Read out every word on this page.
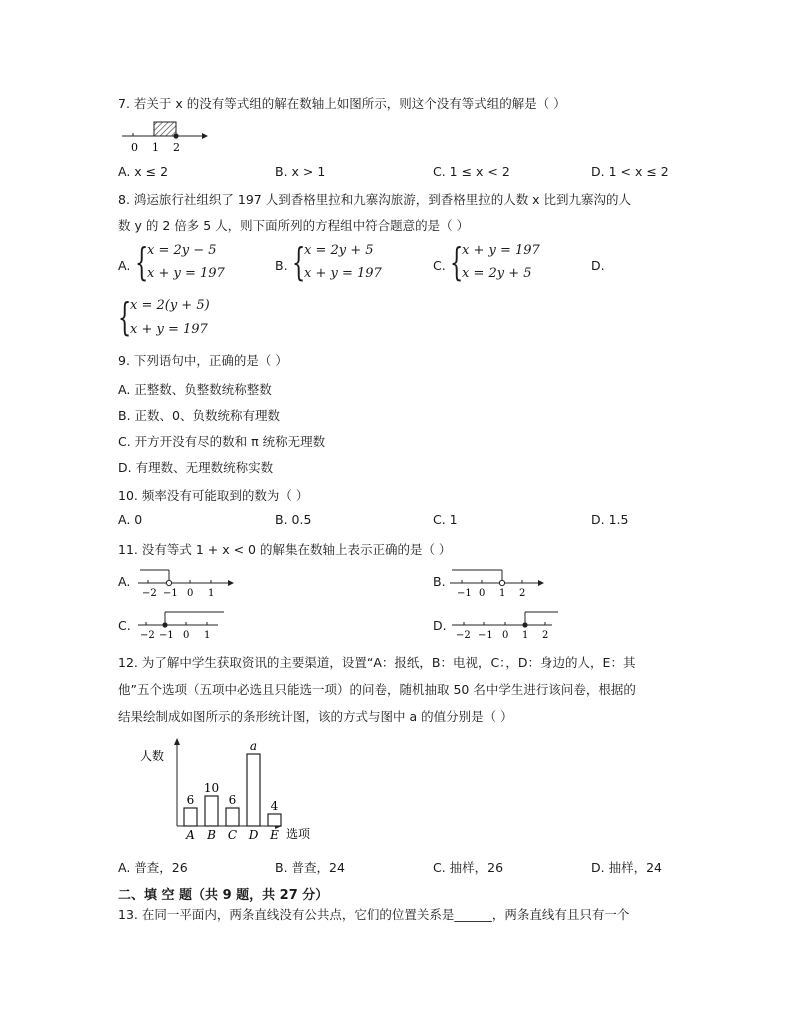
7. 若关于 x 的没有等式组的解在数轴上如图所示，则这个没有等式组的解是（ ）
0 1 2
A. x ≤ 2	B. x > 1	C. 1 ≤ x < 2	D. 1 < x ≤ 2
8. 鸿运旅行社组织了 197 人到香格里拉和九寨沟旅游，到香格里拉的人数 x 比到九寨沟的人
数 y 的 2 倍多 5 人，则下面所列的方程组中符合题意的是（ ）
A. {
x = 2y − 5
x + y = 197
B. {
x = 2y + 5
x + y = 197
C. {
x + y = 197
x = 2y + 5
D.
{
x = 2(y + 5)
x + y = 197
9. 下列语句中，正确的是（ ）
A. 正整数、负整数统称整数
B. 正数、0、负数统称有理数
C. 开方开没有尽的数和 π 统称无理数
D. 有理数、无理数统称实数
10. 频率没有可能取到的数为（ ）
A. 0	B. 0.5	C. 1	D. 1.5
11. 没有等式 1 + x < 0 的解集在数轴上表示正确的是（ ）
A.
−2 −1 0 1
B.
−1 0 1 2
C.
−2 −1 0 1
D.
−2 −1 0 1 2
12. 为了解中学生获取资讯的主要渠道，设置“A：报纸，B：电视，C：，D：身边的人，E：其
他”五个选项（五项中必选且只能选一项）的问卷，随机抽取 50 名中学生进行该问卷，根据的
结果绘制成如图所示的条形统计图，该的方式与图中 a 的值分别是（ ）
人数
选项
6
A
10
B
6
C
a
D
4
E
A. 普查，26	B. 普查，24	C. 抽样，26	D. 抽样，24
二、填 空 题（共 9 题，共 27 分）
13. 在同一平面内，两条直线没有公共点，它们的位置关系是______，两条直线有且只有一个
